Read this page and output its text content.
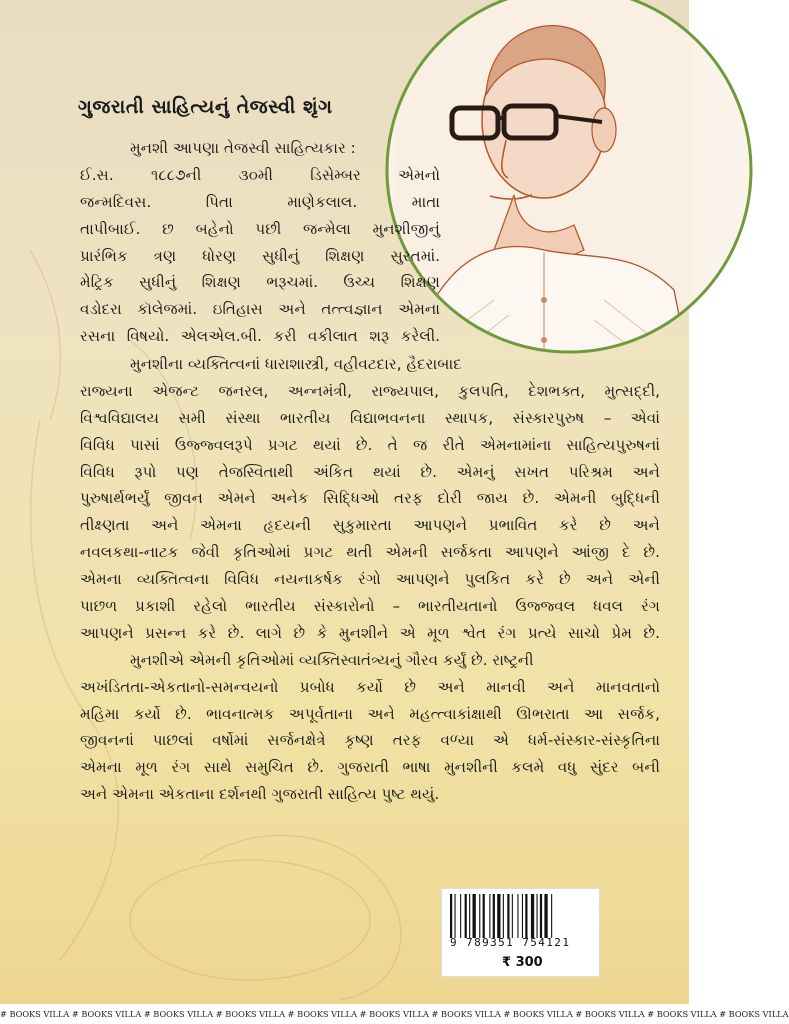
ગુજરાતી સાહિત્યનું તેજસ્વી શૃંગ
મુનશી આપણા તેજસ્વી સાહિત્યકાર :
ઈ.સ. ૧૮૮૭ની ૩૦મી ડિસેમ્બર એમનો
જન્મદિવસ. પિતા માણેકલાલ. માતા
તાપીબાઈ. છ બહેનો પછી જન્મેલા મુનશીજીનું
પ્રારંભિક ત્રણ ધોરણ સુધીનું શિક્ષણ સુરતમાં.
મેટ્રિક સુધીનું શિક્ષણ ભરૂચમાં. ઉચ્ચ શિક્ષણ
વડોદરા કૉલેજમાં. ઇતિહાસ અને તત્ત્વજ્ઞાન એમના
રસના વિષયો. એલએલ.બી. કરી વકીલાત શરૂ કરેલી.
મુનશીના વ્યક્તિત્વનાં ધારાશાસ્ત્રી, વહીવટદાર, હૈદરાબાદ
રાજ્યના એજન્ટ જનરલ, અન્નમંત્રી, રાજ્યપાલ, કુલપતિ, દેશભક્ત, મુત્સદ્દી,
વિશ્વવિદ્યાલય સમી સંસ્થા ભારતીય વિદ્યાભવનના સ્થાપક, સંસ્કારપુરુષ – એવાં
વિવિધ પાસાં ઉજ્જ્વલરૂપે પ્રગટ થયાં છે. તે જ રીતે એમનામાંના સાહિત્યપુરુષનાં
વિવિધ રૂપો પણ તેજસ્વિતાથી અંકિત થયાં છે. એમનું સખત પરિશ્રમ અને
પુરુષાર્થભર્યું જીવન એમને અનેક સિદ્ધિઓ તરફ દોરી જાય છે. એમની બુદ્ધિની
તીક્ષ્ણતા અને એમના હૃદયની સુકુમારતા આપણને પ્રભાવિત કરે છે અને
નવલકથા-નાટક જેવી કૃતિઓમાં પ્રગટ થતી એમની સર્જકતા આપણને આંજી દે છે.
એમના વ્યક્તિત્વના વિવિધ નયનાકર્ષક રંગો આપણને પુલકિત કરે છે અને એની
પાછળ પ્રકાશી રહેલો ભારતીય સંસ્કારોનો – ભારતીયતાનો ઉજ્જ્વલ ધવલ રંગ
આપણને પ્રસન્ન કરે છે. લાગે છે કે મુનશીને એ મૂળ શ્વેત રંગ પ્રત્યે સાચો પ્રેમ છે.
મુનશીએ એમની કૃતિઓમાં વ્યક્તિસ્વાતંત્ર્યનું ગૌરવ કર્યું છે. રાષ્ટ્રની
અખંડિતતા-એકતાનો-સમન્વયનો પ્રબોધ કર્યો છે અને માનવી અને માનવતાનો
મહિમા કર્યો છે. ભાવનાત્મક અપૂર્વતાના અને મહત્ત્વાકાંક્ષાથી ઊભરાતા આ સર્જક,
જીવનનાં પાછલાં વર્ષોમાં સર્જનક્ષેત્રે કૃષ્ણ તરફ વળ્યા એ ધર્મ-સંસ્કાર-સંસ્કૃતિના
એમના મૂળ રંગ સાથે સમુચિત છે. ગુજરાતી ભાષા મુનશીની કલમે વધુ સુંદર બની
અને એમના એકતાના દર્શનથી ગુજરાતી સાહિત્ય પુષ્ટ થયું.
9 789351 754121
₹ 300
# BOOKS VILLA # BOOKS VILLA # BOOKS VILLA # BOOKS VILLA # BOOKS VILLA # BOOKS VILLA # BOOKS VILLA # BOOKS VILLA # BOOKS VILLA # BOOKS VILLA # BOOKS VILLA
